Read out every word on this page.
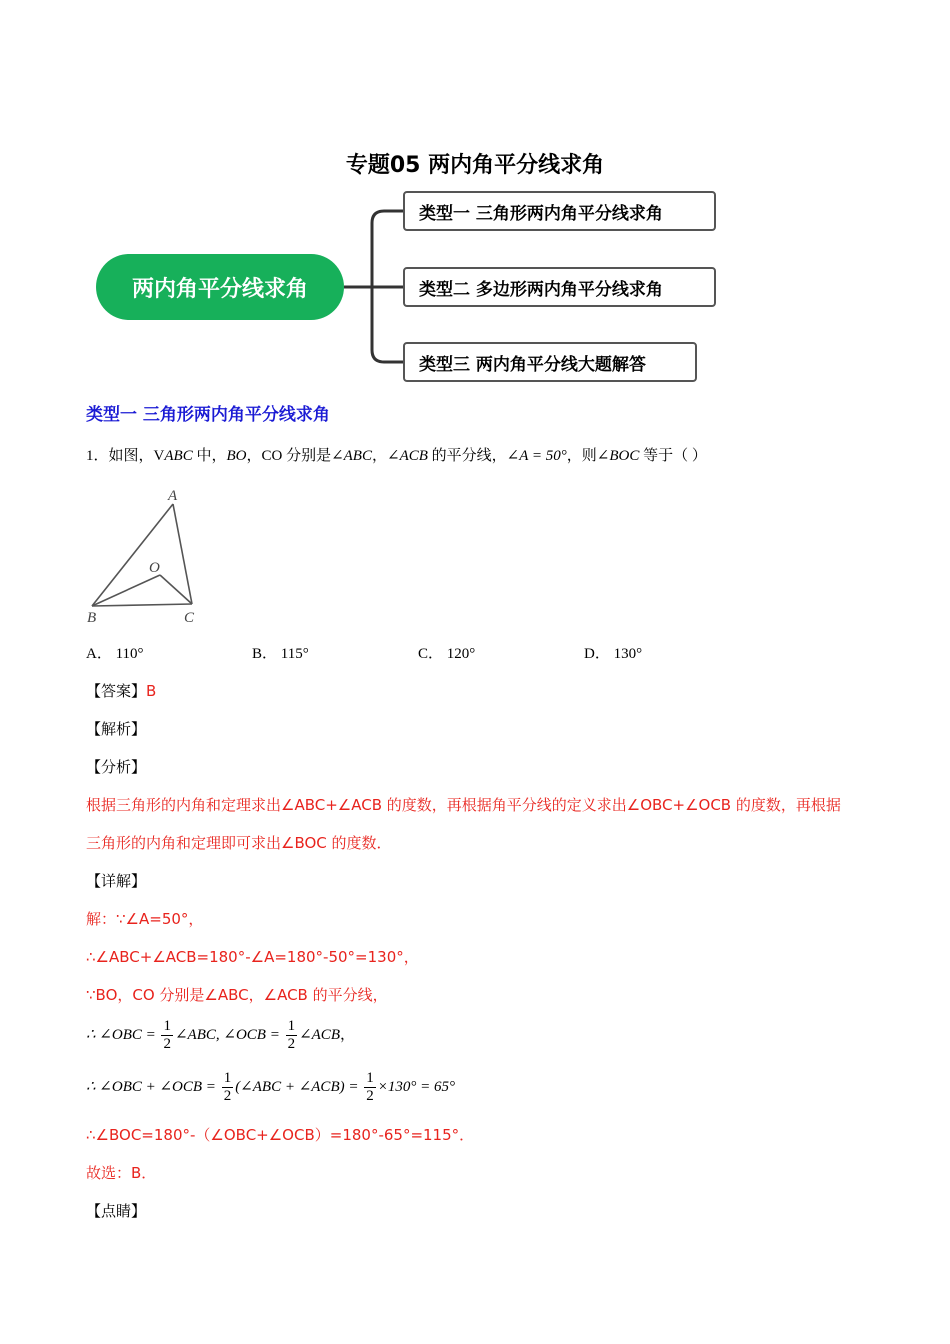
专题05 两内角平分线求角
两内角平分线求角
类型一 三角形两内角平分线求角
类型二 多边形两内角平分线求角
类型三 两内角平分线大题解答
类型一 三角形两内角平分线求角
1．如图，VABC 中，BO，CO 分别是∠ABC，∠ACB 的平分线，∠A = 50°，则∠BOC 等于（ ）
A
O
B	C
A． 110°	B． 115°	C． 120°	D． 130°
【答案】B
【解析】
【分析】
根据三角形的内角和定理求出∠ABC+∠ACB 的度数，再根据角平分线的定义求出∠OBC+∠OCB 的度数，再根据
三角形的内角和定理即可求出∠BOC 的度数．
【详解】
解：∵∠A=50°，
∴∠ABC+∠ACB=180°-∠A=180°-50°=130°，
∵BO，CO 分别是∠ABC，∠ACB 的平分线，
∴ ∠OBC = $\frac{1}{2}$ ∠ABC, ∠OCB = $\frac{1}{2}$ ∠ACB，
∴ ∠OBC + ∠OCB = $\frac{1}{2}$ (∠ABC + ∠ACB) = $\frac{1}{2} \times 130^\circ = 65^\circ$
∴∠BOC=180°-（∠OBC+∠OCB）=180°-65°=115°．
故选：B．
【点睛】
